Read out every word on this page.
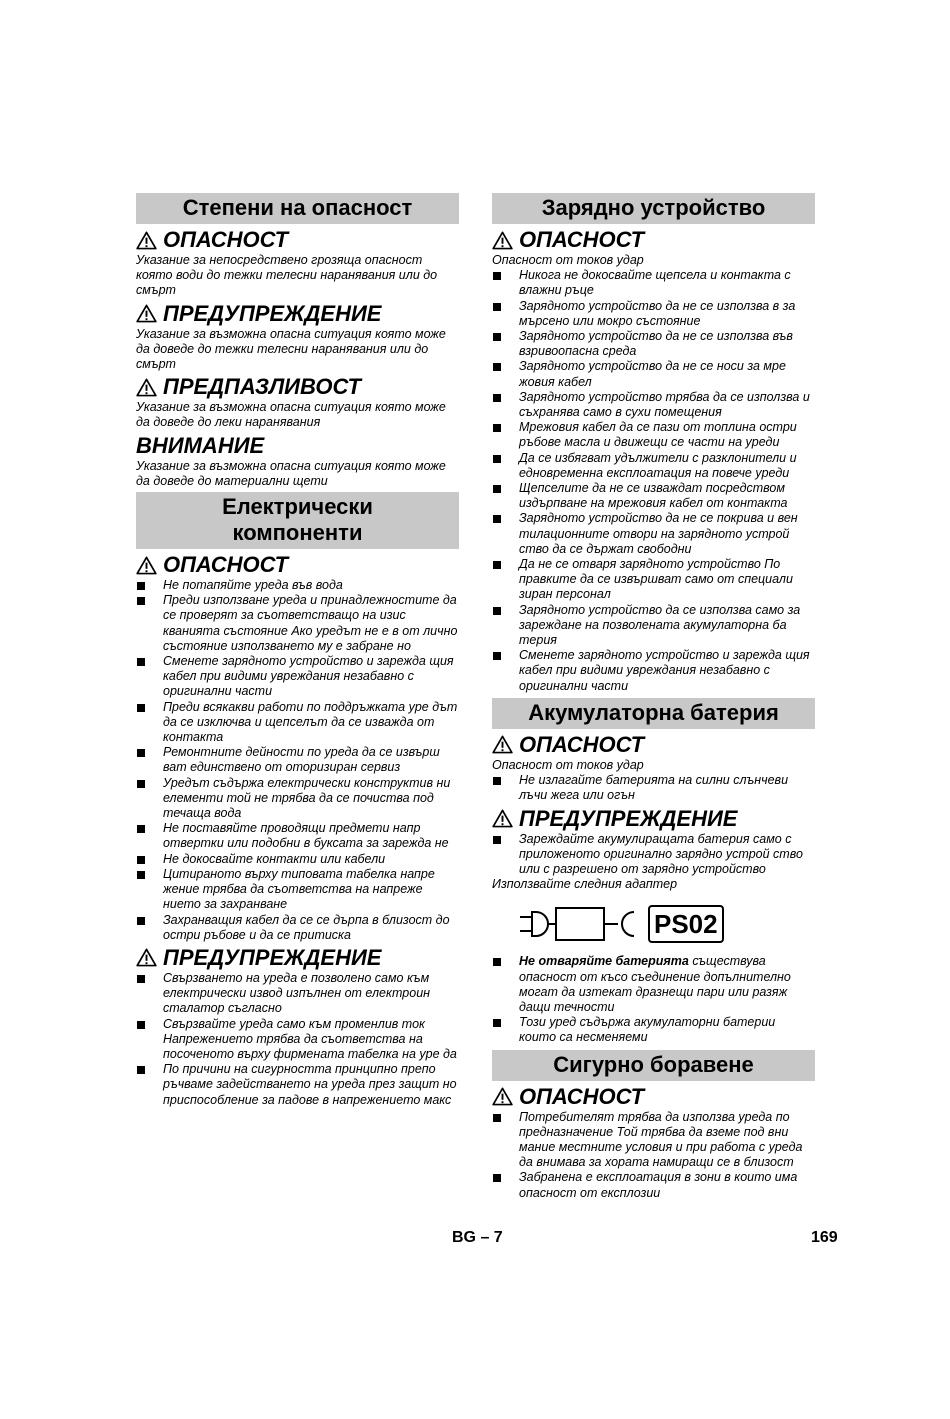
Степени на опасност
ОПАСНОСТ

Указание за непосредствено грозяща опасност която води до тежки телесни наранявания или до смърт

ПРЕДУПРЕЖДЕНИЕ

Указание за възможна опасна ситуация която може да доведе до тежки телесни наранявания или до смърт

ПРЕДПАЗЛИВОСТ

Указание за възможна опасна ситуация която може да доведе до леки наранявания

ВНИМАНИЕ

Указание за възможна опасна ситуация която може да доведе до материални щети

Електрически
компоненти
ОПАСНОСТ
Не потапяйте уреда във вода
Преди използване уреда и принадлежностите да се проверят за съответстващо на изис кваниятa състояние Ако уредът не е в от лично състояние използването му е забране но
Сменете зарядното устройство и зарежда щия кабел при видими увреждания незабавно с оригинални части
Преди всякакви работи по поддръжката уре дът да се изключва и щепселът да се изважда от контакта
Ремонтните дейности по уреда да се извърш ват единствено от оторизиран сервиз
Уредът съдържа електрически конструктив ни елементи той не трябва да се почиства под течаща вода
Не поставяйте проводящи предмети напр отвертки или подобни в буксата за зарежда не
Не докосвайте контакти или кабели
Цитираното върху типовата табелка напре жение трябва да съответства на напреже нието за захранване
Захранващия кабел да се се дърпа в близост до остри ръбове и да се притиска
ПРЕДУПРЕЖДЕНИЕ
Свързването на уреда е позволено само към електрически извод изпълнен от електроин сталатор съгласно
Свързвайте уреда само към променлив ток Напрежението трябва да съответства на посоченото върху фирмената табелка на уре да
По причини на сигурността принципно препо ръчваме задействането на уреда през защит но приспособление за падове в напрежението макс
Зарядно устройство
ОПАСНОСТ

Опасност от токов удар

Никога не докосвайте щепсела и контакта с влажни ръце
Зарядното устройство да не се използва в за мърсено или мокро състояние
Зарядното устройство да не се използва във взривоопасна среда
Зарядното устройство да не се носи за мре жовия кабел
Зарядното устройство трябва да се използва и съхранява само в сухи помещения
Мрежовия кабел да се пази от топлина остри ръбове масла и движещи се части на уреди
Да се избягват удължители с разклонители и едновременна експлоатация на повече уреди
Щепселите да не се изваждат посредством издърпване на мрежовия кабел от контакта
Зарядното устройство да не се покрива и вен тилационните отвори на зарядното устрой ство да се държат свободни
Да не се отваря зарядното устройство По правките да се извършват само от специали зиран персонал
Зарядното устройство да се използва само за зареждане на позволената акумулаторна ба терия
Сменете зарядното устройство и зарежда щия кабел при видими увреждания незабавно с оригинални части
Акумулаторна батерия
ОПАСНОСТ

Опасност от токов удар

Не излагайте батерията на силни слънчеви лъчи жега или огън
ПРЕДУПРЕЖДЕНИЕ
Зареждайте акумулиращата батерия само с приложеното оригинално зарядно устрой ство или с разрешено от зарядно устройство

Използвайте следния адаптер

PS02
Не отваряйте батерията съществува опасност от късо съединение допълнително могат да изтекат дразнещи пари или разяж дащи течности
Този уред съдържа акумулаторни батерии които са несменяеми
Сигурно боравене
ОПАСНОСТ
Потребителят трябва да използва уреда по предназначение Той трябва да вземе под вни мание местните условия и при работа с уреда да внимава за хората намиращи се в близост
Забранена е експлоатация в зони в които има опасност от експлозии
BG – 7	169
